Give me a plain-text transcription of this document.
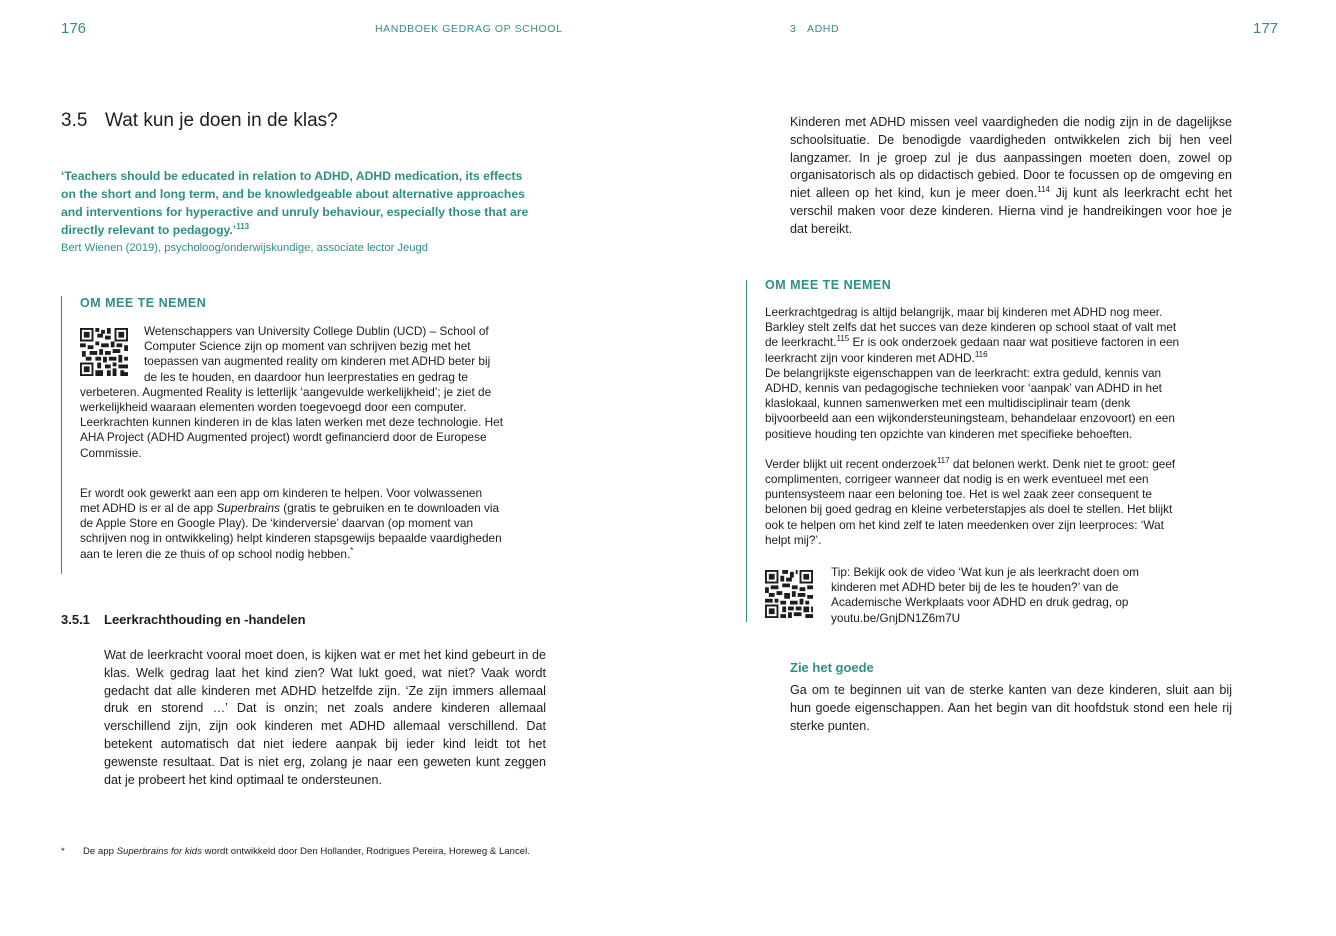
176	HANDBOEK GEDRAG OP SCHOOL
3.5 Wat kun je doen in de klas?
‘Teachers should be educated in relation to ADHD, ADHD medication, its effects on the short and long term, and be knowledgeable about alternative approaches and interventions for hyperactive and unruly behaviour, especially those that are directly relevant to pedagogy.’$^{113}$
Bert Wienen (2019), psycholoog/onderwijskundige, associate lector Jeugd
OM MEE TE NEMEN

Wetenschappers van University College Dublin (UCD) – School of Computer Science zijn op moment van schrijven bezig met het toepassen van augmented reality om kinderen met ADHD beter bij de les te houden, en daardoor hun leerprestaties en gedrag te verbeteren. Augmented Reality is letterlijk ‘aangevulde werkelijkheid’; je ziet de werkelijkheid waaraan elementen worden toegevoegd door een computer. Leerkrachten kunnen kinderen in de klas laten werken met deze technologie. Het AHA Project (ADHD Augmented project) wordt gefinancierd door de Europese Commissie.

Er wordt ook gewerkt aan een app om kinderen te helpen. Voor volwassenen met ADHD is er al de app Superbrains (gratis te gebruiken en te downloaden via de Apple Store en Google Play). De ‘kinderversie’ daarvan (op moment van schrijven nog in ontwikkeling) helpt kinderen stapsgewijs bepaalde vaardigheden aan te leren die ze thuis of op school nodig hebben.*

3.5.1 Leerkrachthouding en -handelen

Wat de leerkracht vooral moet doen, is kijken wat er met het kind gebeurt in de klas. Welk gedrag laat het kind zien? Wat lukt goed, wat niet? Vaak wordt gedacht dat alle kinderen met ADHD hetzelfde zijn. ‘Ze zijn immers allemaal druk en storend …’ Dat is onzin; net zoals andere kinderen allemaal verschillend zijn, zijn ook kinderen met ADHD allemaal verschillend. Dat betekent automatisch dat niet iedere aanpak bij ieder kind leidt tot het gewenste resultaat. Dat is niet erg, zolang je naar een geweten kunt zeggen dat je probeert het kind optimaal te ondersteunen.

* De app Superbrains for kids wordt ontwikkeld door Den Hollander, Rodrigues Pereira, Horeweg & Lancel.
3 ADHD	177

Kinderen met ADHD missen veel vaardigheden die nodig zijn in de dagelijkse schoolsituatie. De benodigde vaardigheden ontwikkelen zich bij hen veel langzamer. In je groep zul je dus aanpassingen moeten doen, zowel op organisatorisch als op didactisch gebied. Door te focussen op de omgeving en niet alleen op het kind, kun je meer doen.$^{114}$ Jij kunt als leerkracht echt het verschil maken voor deze kinderen. Hierna vind je handreikingen voor hoe je dat bereikt.

OM MEE TE NEMEN

Leerkrachtgedrag is altijd belangrijk, maar bij kinderen met ADHD nog meer. Barkley stelt zelfs dat het succes van deze kinderen op school staat of valt met de leerkracht.$^{115}$ Er is ook onderzoek gedaan naar wat positieve factoren in een leerkracht zijn voor kinderen met ADHD.$^{116}$

De belangrijkste eigenschappen van de leerkracht: extra geduld, kennis van ADHD, kennis van pedagogische technieken voor ‘aanpak’ van ADHD in het klaslokaal, kunnen samenwerken met een multidisciplinair team (denk bijvoorbeeld aan een wijkondersteuningsteam, behandelaar enzovoort) en een positieve houding ten opzichte van kinderen met specifieke behoeften.

Verder blijkt uit recent onderzoek$^{117}$ dat belonen werkt. Denk niet te groot: geef complimenten, corrigeer wanneer dat nodig is en werk eventueel met een puntensysteem naar een beloning toe. Het is wel zaak zeer consequent te belonen bij goed gedrag en kleine verbeterstapjes als doel te stellen. Het blijkt ook te helpen om het kind zelf te laten meedenken over zijn leerproces: ‘Wat helpt mij?’.

Tip: Bekijk ook de video ‘Wat kun je als leerkracht doen om kinderen met ADHD beter bij de les te houden?’ van de Academische Werkplaats voor ADHD en druk gedrag, op youtu.be/GnjDN1Z6m7U

Zie het goede

Ga om te beginnen uit van de sterke kanten van deze kinderen, sluit aan bij hun goede eigenschappen. Aan het begin van dit hoofdstuk stond een hele rij sterke punten.
